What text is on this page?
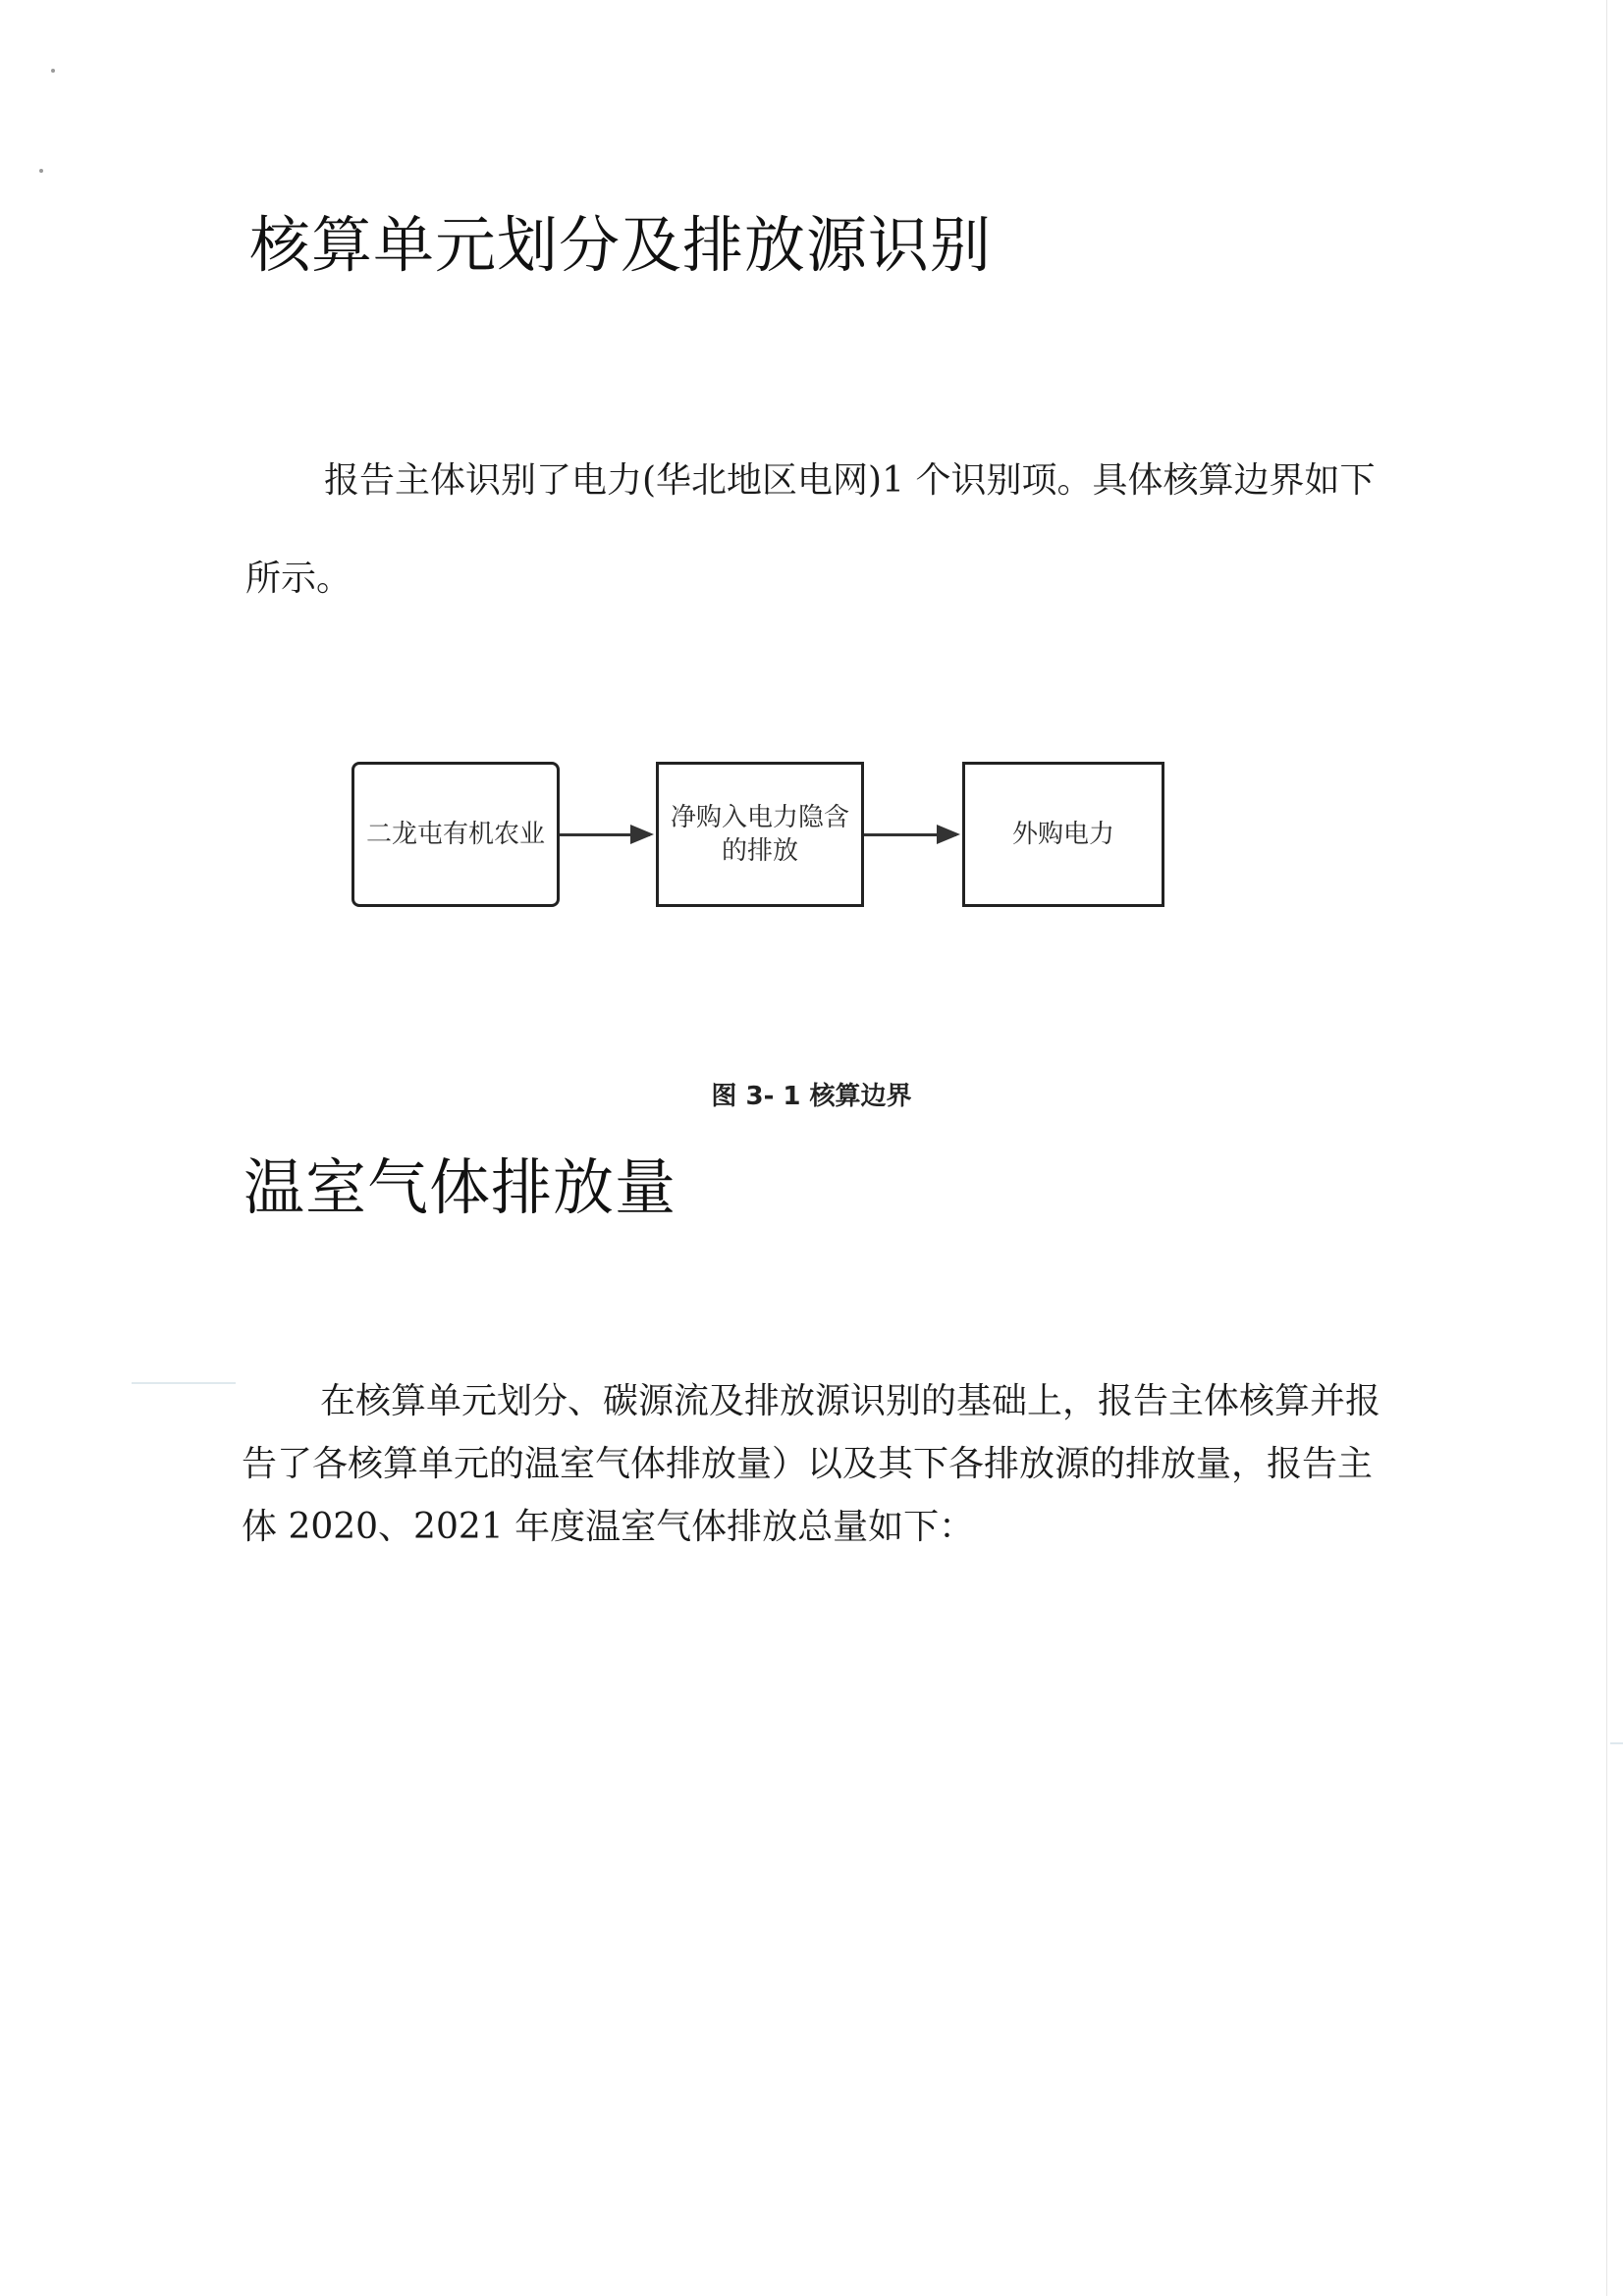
核算单元划分及排放源识别

报告主体识别了电力(华北地区电网)1 个识别项。具体核算边界如下所示。

二龙屯有机农业
净购入电力隐含的排放
外购电力

图 3- 1 核算边界

温室气体排放量

在核算单元划分、碳源流及排放源识别的基础上，报告主体核算并报告了各核算单元的温室气体排放量）以及其下各排放源的排放量，报告主体 2020、2021 年度温室气体排放总量如下：
